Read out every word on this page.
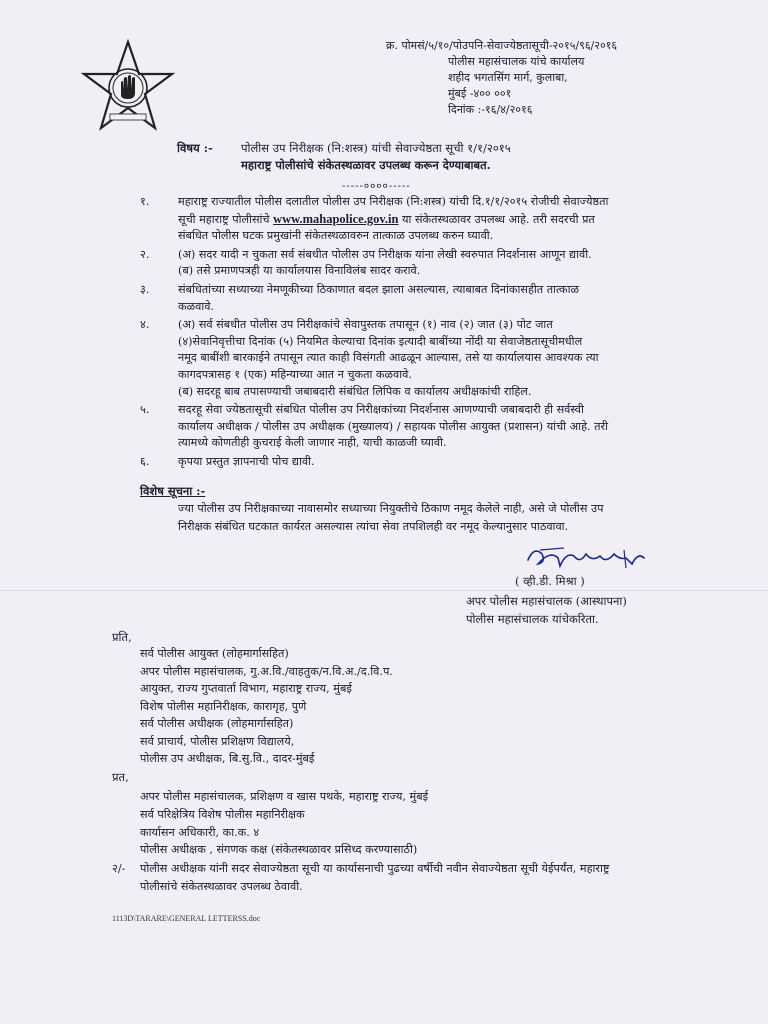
क्र. पोमसं/५/१०/पोउपनि-सेवाज्येष्ठतासूची-२०१५/९६/२०१६
पोलीस महासंचालक यांचे कार्यालय
शहीद भगतसिंग मार्ग, कुलाबा,
मुंबई -४०० ००१
दिनांक :-१६/४/२०१६
विषय :- पोलीस उप निरीक्षक (नि:शस्त्र) यांची सेवाज्येष्ठता सूची १/१/२०१५
महाराष्ट्र पोलीसांचे संकेतस्थळावर उपलब्ध करून देण्याबाबत.
-----००००-----
१.	महाराष्ट्र राज्यातील पोलीस दलातील पोलीस उप निरीक्षक (नि:शस्त्र) यांची दि.१/१/२०१५ रोजीची सेवाज्येष्ठता
सूची महाराष्ट्र पोलीसांचे www.mahapolice.gov.in या संकेतस्थळावर उपलब्ध आहे. तरी सदरची प्रत
संबधित पोलीस घटक प्रमुखांनी संकेतस्थळावरुन तात्काळ उपलब्ध करुन घ्यावी.
२.	(अ) सदर यादी न चुकता सर्व संबधीत पोलीस उप निरीक्षक यांना लेखी स्वरुपात निदर्शनास आणून द्यावी.
(ब) तसे प्रमाणपत्रही या कार्यालयास विनाविलंब सादर करावे.
३.	संबधितांच्या सध्याच्या नेमणूकीच्या ठिकाणात बदल झाला असल्यास, त्याबाबत दिनांकासहीत तात्काळ
कळवावे.
४.	(अ) सर्व संबधीत पोलीस उप निरीक्षकांचे सेवापुस्तक तपासून (१) नाव (२) जात (३) पोट जात
(४)सेवानिवृत्तीचा दिनांक (५) नियमित केल्याचा दिनांक इत्यादी बाबींच्या नोंदी या सेवाजेष्ठतासूचीमधील
नमूद बाबींशी बारकाईने तपासून त्यात काही विसंगती आढळून आल्यास, तसे या कार्यालयास आवश्यक त्या
कागदपत्रासह १ (एक) महिन्याच्या आत न चुकता कळवावे.
(ब) सदरहू बाब तपासण्याची जबाबदारी संबंधित लिपिक व कार्यालय अधीक्षकांची राहिल.
५.	सदरहू सेवा ज्येष्ठतासूची संबधित पोलीस उप निरीक्षकांच्या निदर्शनास आणण्याची जबाबदारी ही सर्वस्वी
कार्यालय अधीक्षक / पोलीस उप अधीक्षक (मुख्यालय) / सहायक पोलीस आयुक्त (प्रशासन) यांची आहे. तरी
त्यामध्ये कोणतीही कुचराई केली जाणार नाही, याची काळजी घ्यावी.
६.	कृपया प्रस्तुत ज्ञापनाची पोच द्यावी.
विशेष सूचना :-
ज्या पोलीस उप निरीक्षकाच्या नावासमोर सध्याच्या नियुक्तीचे ठिकाण नमूद केलेले नाही, असे जे पोलीस उप
निरीक्षक संबंधित घटकात कार्यरत असल्यास त्यांचा सेवा तपशिलही वर नमूद केल्यानुसार पाठवावा.
( व्ही.डी. मिश्रा )
अपर पोलीस महासंचालक (आस्थापना)
पोलीस महासंचालक यांचेकरिता.
प्रति,
सर्व पोलीस आयुक्त (लोहमार्गासहित)
अपर पोलीस महासंचालक, गु.अ.वि./वाहतुक/न.वि.अ./द.वि.प.
आयुक्त, राज्य गुप्तवार्ता विभाग, महाराष्ट्र राज्य, मुंबई
विशेष पोलीस महानिरीक्षक, कारागृह, पुणे
सर्व पोलीस अधीक्षक (लोहमार्गासहित)
सर्व प्राचार्य, पोलीस प्रशिक्षण विद्यालये,
पोलीस उप अधीक्षक, बि.सु.वि., दादर-मुंबई
प्रत,
अपर पोलीस महासंचालक, प्रशिक्षण व खास पथके, महाराष्ट्र राज्य, मुंबई
सर्व परिक्षेत्रिय विशेष पोलीस महानिरीक्षक
कार्यासन अधिकारी, का.क. ४
पोलीस अधीक्षक , संगणक कक्ष (संकेतस्थळावर प्रसिध्द करण्यासाठी)
२/-	पोलीस अधीक्षक यांनी सदर सेवाज्येष्ठता सूची या कार्यासनाची पुढच्या वर्षीची नवीन सेवाज्येष्ठता सूची येईपर्यंत, महाराष्ट्र
पोलीसांचे संकेतस्थळावर उपलब्ध ठेवावी.
1113D\TARARE\GENERAL LETTERSS.doc
